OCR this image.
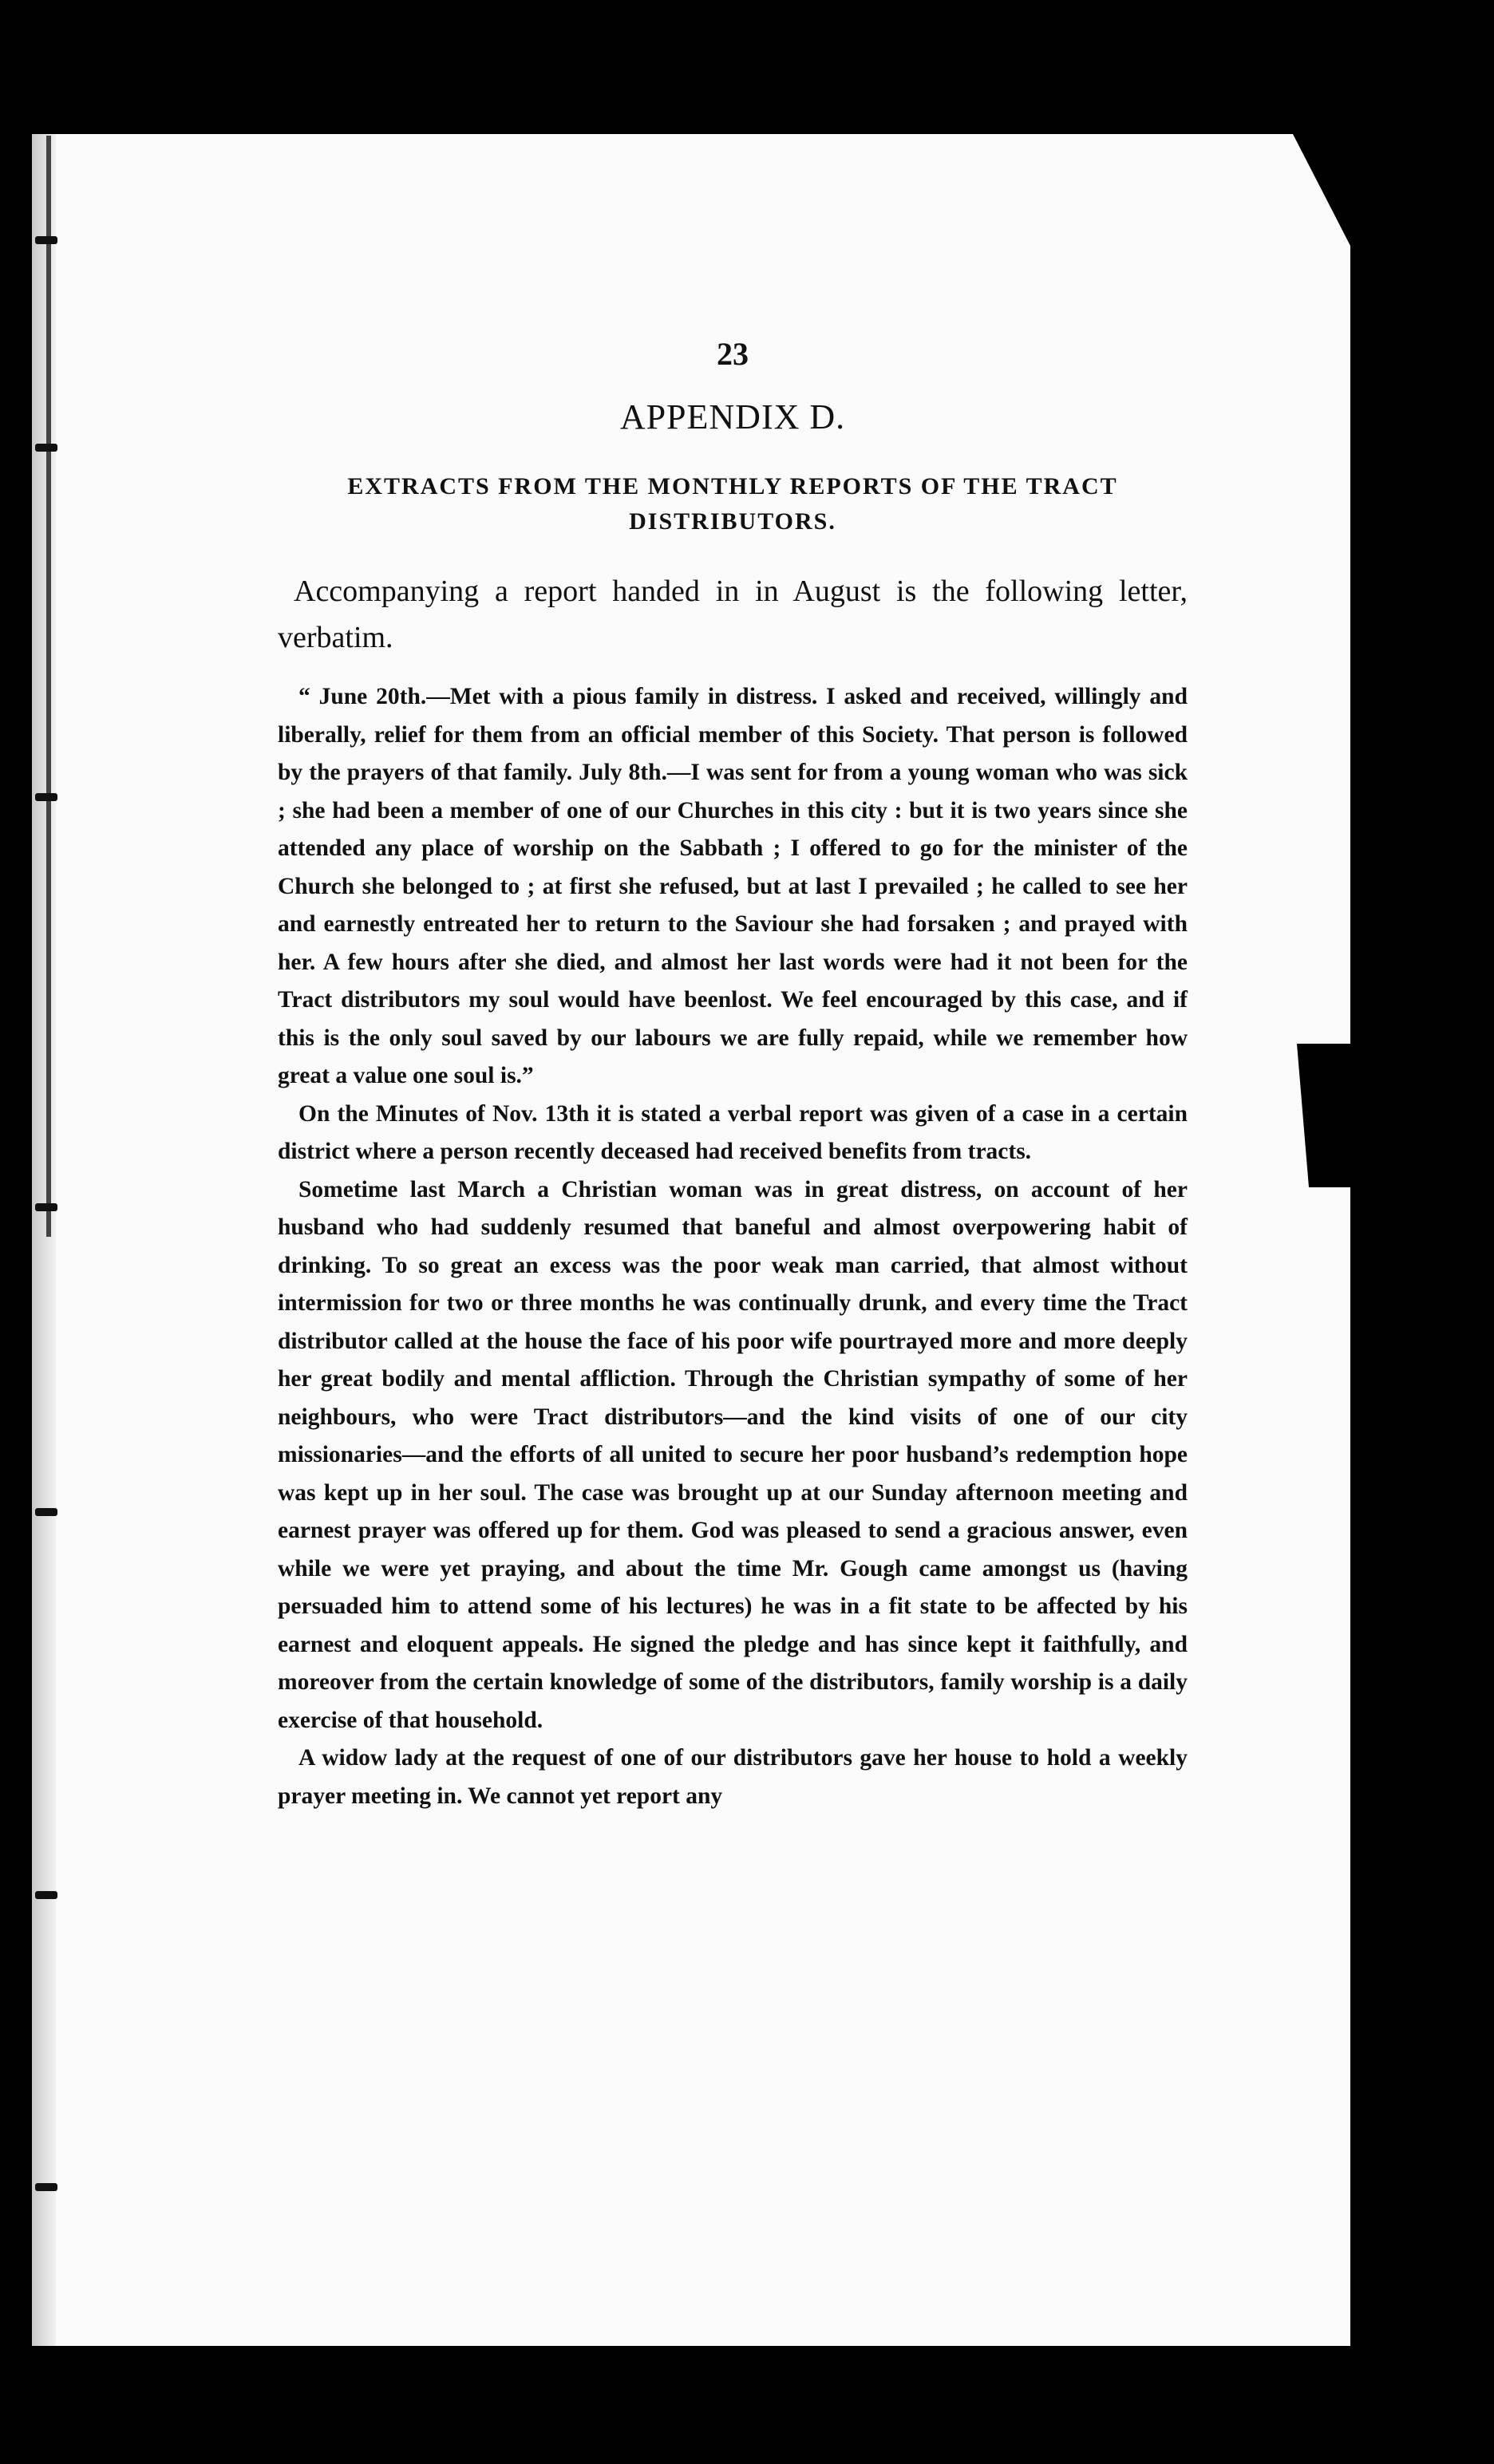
23
APPENDIX D.
EXTRACTS FROM THE MONTHLY REPORTS OF THE TRACT DISTRIBUTORS.

Accompanying a report handed in in August is the following letter, verbatim.

“ June 20th.—Met with a pious family in distress. I asked and received, willingly and liberally, relief for them from an official member of this Society. That person is followed by the prayers of that family. July 8th.—I was sent for from a young woman who was sick ; she had been a member of one of our Churches in this city : but it is two years since she attended any place of worship on the Sabbath ; I offered to go for the minister of the Church she belonged to ; at first she refused, but at last I prevailed ; he called to see her and earnestly entreated her to return to the Saviour she had forsaken ; and prayed with her. A few hours after she died, and almost her last words were had it not been for the Tract distributors my soul would have beenlost. We feel encouraged by this case, and if this is the only soul saved by our labours we are fully repaid, while we remember how great a value one soul is.”

On the Minutes of Nov. 13th it is stated a verbal report was given of a case in a certain district where a person recently deceased had received benefits from tracts.

Sometime last March a Christian woman was in great distress, on account of her husband who had suddenly resumed that baneful and almost overpowering habit of drinking. To so great an excess was the poor weak man carried, that almost without intermission for two or three months he was continually drunk, and every time the Tract distributor called at the house the face of his poor wife pourtrayed more and more deeply her great bodily and mental affliction. Through the Christian sympathy of some of her neighbours, who were Tract distributors—and the kind visits of one of our city missionaries—and the efforts of all united to secure her poor husband’s redemption hope was kept up in her soul. The case was brought up at our Sunday afternoon meeting and earnest prayer was offered up for them. God was pleased to send a gracious answer, even while we were yet praying, and about the time Mr. Gough came amongst us (having persuaded him to attend some of his lectures) he was in a fit state to be affected by his earnest and eloquent appeals. He signed the pledge and has since kept it faithfully, and moreover from the certain knowledge of some of the distributors, family worship is a daily exercise of that household.

A widow lady at the request of one of our distributors gave her house to hold a weekly prayer meeting in. We cannot yet report any
